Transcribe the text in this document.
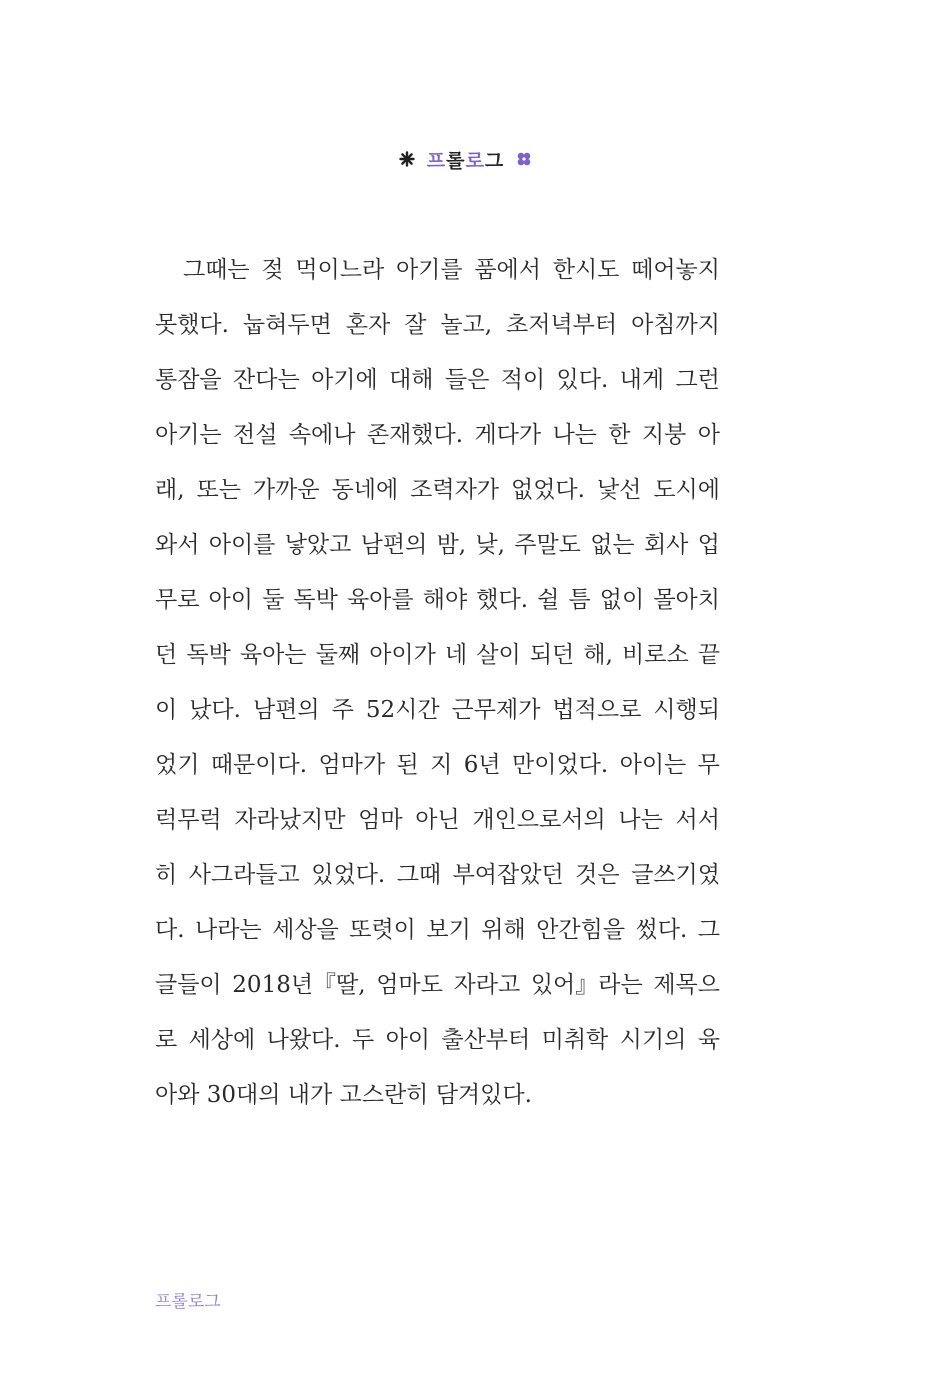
프롤로그
그때는 젖 먹이느라 아기를 품에서 한시도 떼어놓지
못했다. 눕혀두면 혼자 잘 놀고, 초저녁부터 아침까지
통잠을 잔다는 아기에 대해 들은 적이 있다. 내게 그런
아기는 전설 속에나 존재했다. 게다가 나는 한 지붕 아
래, 또는 가까운 동네에 조력자가 없었다. 낯선 도시에
와서 아이를 낳았고 남편의 밤, 낮, 주말도 없는 회사 업
무로 아이 둘 독박 육아를 해야 했다. 쉴 틈 없이 몰아치
던 독박 육아는 둘째 아이가 네 살이 되던 해, 비로소 끝
이 났다. 남편의 주 52시간 근무제가 법적으로 시행되
었기 때문이다. 엄마가 된 지 6년 만이었다. 아이는 무
럭무럭 자라났지만 엄마 아닌 개인으로서의 나는 서서
히 사그라들고 있었다. 그때 부여잡았던 것은 글쓰기였
다. 나라는 세상을 또렷이 보기 위해 안간힘을 썼다. 그
글들이 2018년『딸, 엄마도 자라고 있어』라는 제목으
로 세상에 나왔다. 두 아이 출산부터 미취학 시기의 육
아와 30대의 내가 고스란히 담겨있다.
프롤로그
